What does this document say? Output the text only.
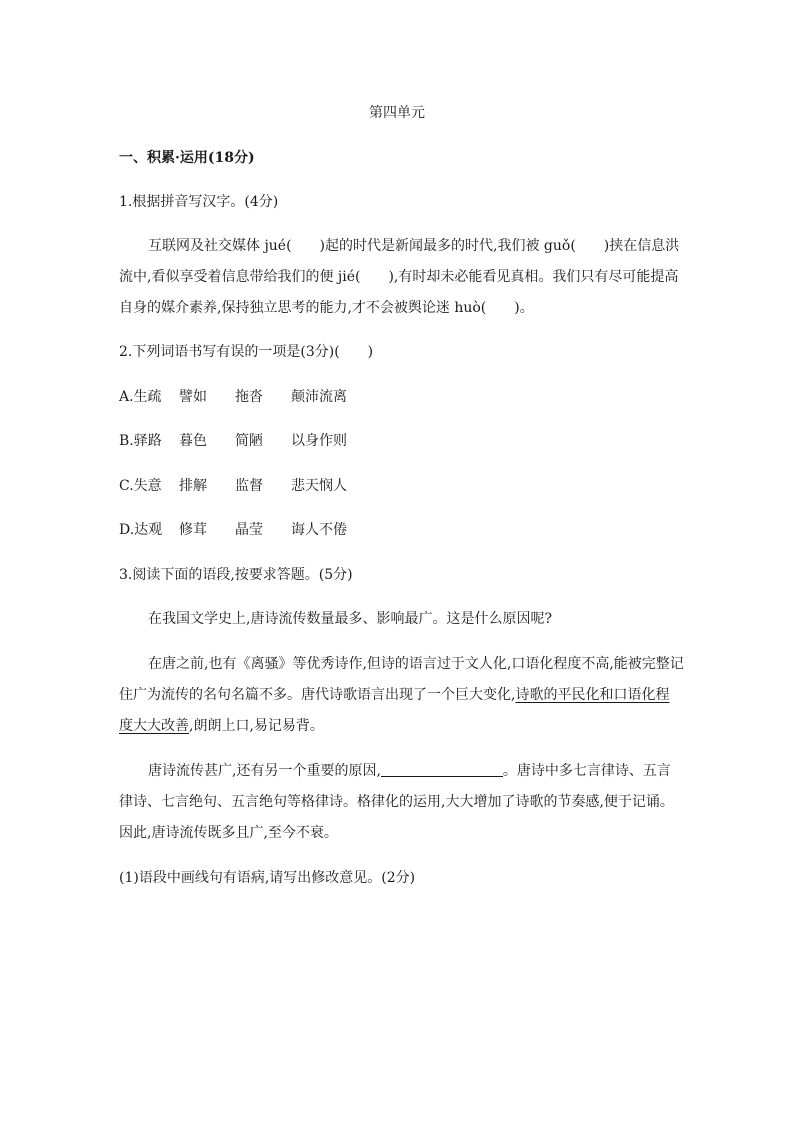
第四单元
一、积累·运用(18分)
1.根据拼音写汉字。(4分)
互联网及社交媒体 jué(　　)起的时代是新闻最多的时代,我们被 guǒ(　　)挟在信息洪
流中,看似享受着信息带给我们的便 jié(　　),有时却未必能看见真相。我们只有尽可能提高
自身的媒介素养,保持独立思考的能力,才不会被舆论迷 huò(　　)。
2.下列词语书写有误的一项是(3分)(　　)
A.生疏 譬如 拖沓 颠沛流离
B.驿路 暮色 简陋 以身作则
C.失意 排解 监督 悲天悯人
D.达观 修茸 晶莹 诲人不倦
3.阅读下面的语段,按要求答题。(5分)
在我国文学史上,唐诗流传数量最多、影响最广。这是什么原因呢?
在唐之前,也有《离骚》等优秀诗作,但诗的语言过于文人化,口语化程度不高,能被完整记
住广为流传的名句名篇不多。唐代诗歌语言出现了一个巨大变化,诗歌的平民化和口语化程
度大大改善,朗朗上口,易记易背。
唐诗流传甚广,还有另一个重要的原因,	。唐诗中多七言律诗、五言
律诗、七言绝句、五言绝句等格律诗。格律化的运用,大大增加了诗歌的节奏感,便于记诵。
因此,唐诗流传既多且广,至今不衰。
(1)语段中画线句有语病,请写出修改意见。(2分)
